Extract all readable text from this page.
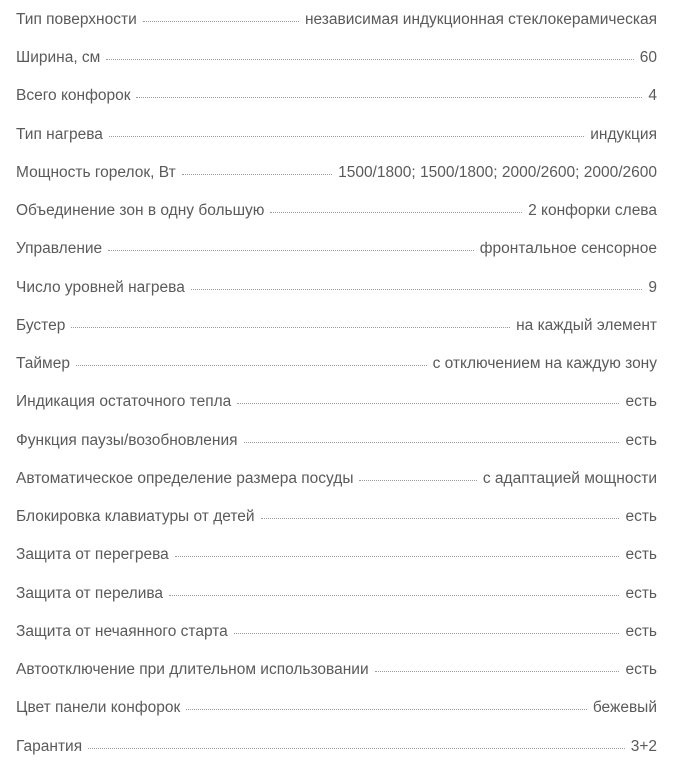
Тип поверхности	независимая индукционная стеклокерамическая
Ширина, см	60
Всего конфорок	4
Тип нагрева	индукция
Мощность горелок, Вт	1500/1800; 1500/1800; 2000/2600; 2000/2600
Объединение зон в одну большую	2 конфорки слева
Управление	фронтальное сенсорное
Число уровней нагрева	9
Бустер	на каждый элемент
Таймер	с отключением на каждую зону
Индикация остаточного тепла	есть
Функция паузы/возобновления	есть
Автоматическое определение размера посуды	с адаптацией мощности
Блокировка клавиатуры от детей	есть
Защита от перегрева	есть
Защита от перелива	есть
Защита от нечаянного старта	есть
Автоотключение при длительном использовании	есть
Цвет панели конфорок	бежевый
Гарантия	3+2
